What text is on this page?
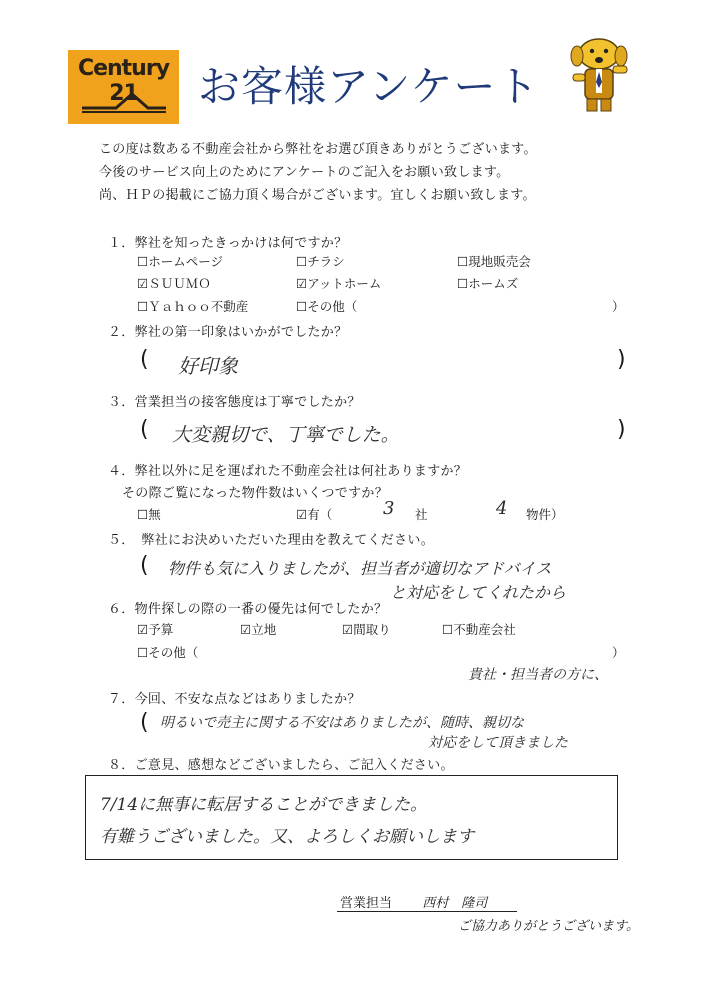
Century 21	お客様アンケート
この度は数ある不動産会社から弊社をお選び頂きありがとうございます。
今後のサービス向上のためにアンケートのご記入をお願い致します。
尚、ＨＰの掲載にご協力頂く場合がございます。宜しくお願い致します。
１．弊社を知ったきっかけは何ですか？
☐ホームページ	☐チラシ	☐現地販売会
☑ＳＵＵＭＯ	☑アットホーム	☐ホームズ
☐Ｙａｈｏｏ不動産	☐その他（	）
２．弊社の第一印象はいかがでしたか？
( 好印象	)
３．営業担当の接客態度は丁寧でしたか？
( 大変親切で、丁寧でした。	)
４．弊社以外に足を運ばれた不動産会社は何社ありますか？
その際ご覧になった物件数はいくつですか？
☐無	☑有（	3 社	4 物件）
５．　弊社にお決めいただいた理由を教えてください。
( 物件も気に入りましたが、担当者が適切なアドバイス
と対応をしてくれたから
６．物件探しの際の一番の優先は何でしたか？
☑予算	☑立地	☑間取り	☐不動産会社
☐その他（	）
７．今回、不安な点などはありましたか？
貴社・担当者の方に、
( 明るいで売主に関する不安はありましたが、随時、親切な
対応をして頂きました
８．ご意見、感想などございましたら、ご記入ください。
7/14に無事に転居することができました。
有難うございました。又、よろしくお願いします
営業担当 西村　隆司
ご協力ありがとうございます。
